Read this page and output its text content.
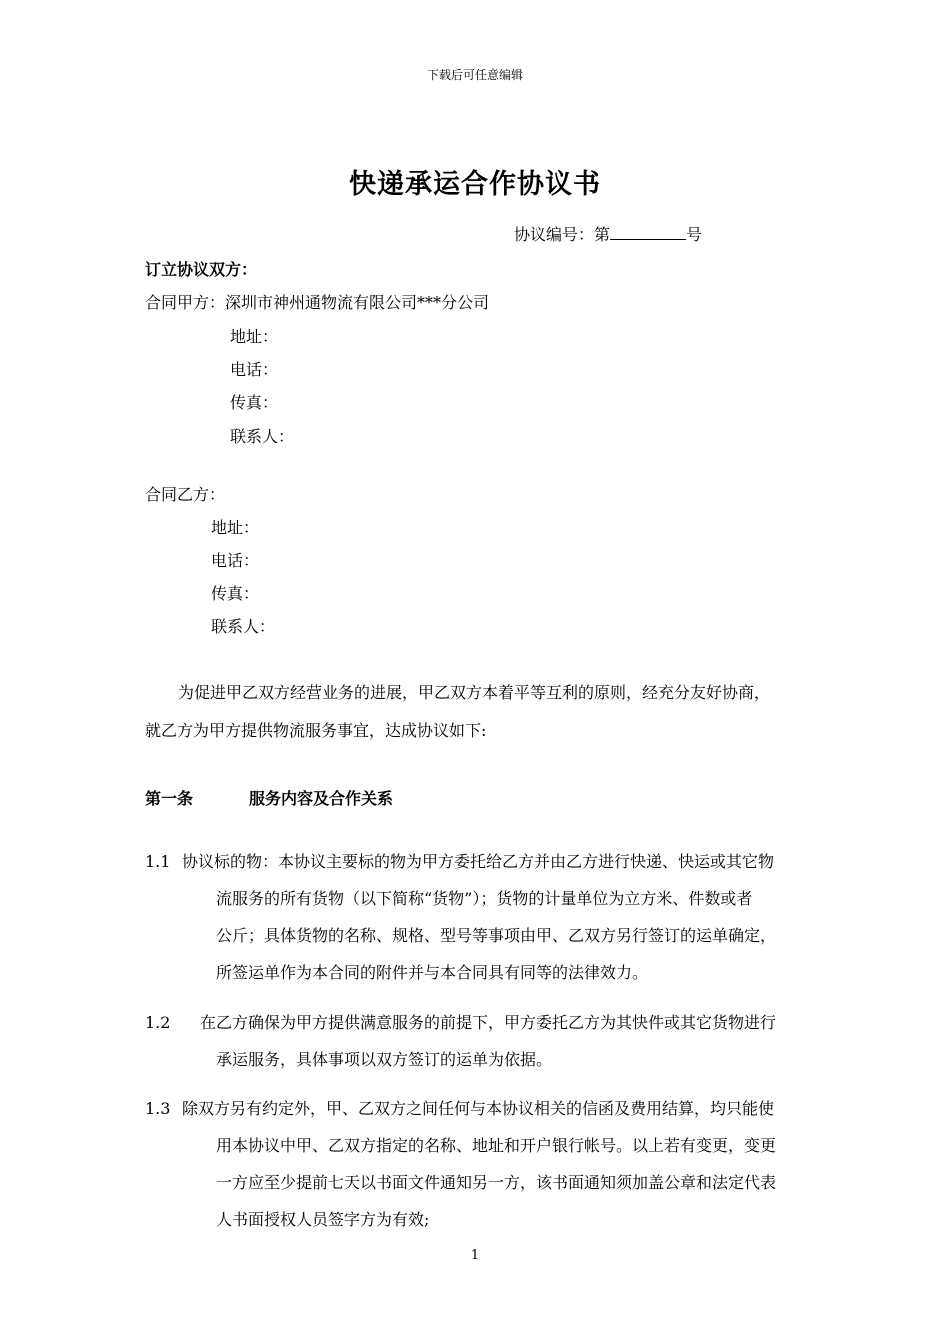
下载后可任意编辑
快递承运合作协议书
协议编号：第	号
订立协议双方：
合同甲方：深圳市神州通物流有限公司***分公司
地址：
电话：
传真：
联系人：
合同乙方：
地址：
电话：
传真：
联系人：
为促进甲乙双方经营业务的进展，甲乙双方本着平等互利的原则，经充分友好协商，
就乙方为甲方提供物流服务事宜，达成协议如下:
第一条	服务内容及合作关系
1.1 协议标的物：本协议主要标的物为甲方委托给乙方并由乙方进行快递、快运或其它物
流服务的所有货物（以下简称“货物”）；货物的计量单位为立方米、件数或者
公斤；具体货物的名称、规格、型号等事项由甲、乙双方另行签订的运单确定，
所签运单作为本合同的附件并与本合同具有同等的法律效力。
1.2 在乙方确保为甲方提供满意服务的前提下，甲方委托乙方为其快件或其它货物进行
承运服务，具体事项以双方签订的运单为依据。
1.3 除双方另有约定外，甲、乙双方之间任何与本协议相关的信函及费用结算，均只能使
用本协议中甲、乙双方指定的名称、地址和开户银行帐号。以上若有变更，变更
一方应至少提前七天以书面文件通知另一方，该书面通知须加盖公章和法定代表
人书面授权人员签字方为有效;
1
